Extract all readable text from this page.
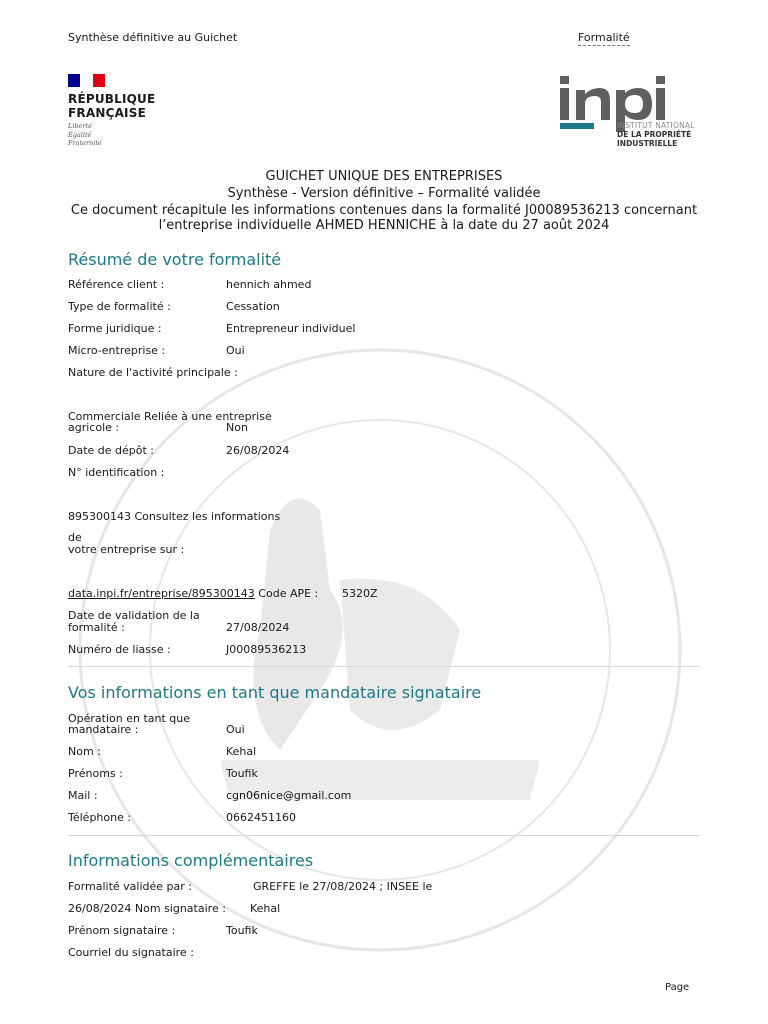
Synthèse définitive au Guichet	Formalité
RÉPUBLIQUE
FRANÇAISE
Liberté
Égalité
Fraternité
INSTITUT NATIONAL
DE LA PROPRIÉTÉ
INDUSTRIELLE
GUICHET UNIQUE DES ENTREPRISES
Synthèse - Version définitive – Formalité validée
Ce document récapitule les informations contenues dans la formalité J00089536213 concernant
l’entreprise individuelle AHMED HENNICHE à la date du 27 août 2024
Résumé de votre formalité
Référence client :	hennich ahmed
Type de formalité :	Cessation
Forme juridique :	Entrepreneur individuel
Micro-entreprise :	Oui
Nature de l'activité principale :
Commerciale Reliée à une entreprise
agricole :	Non
Date de dépôt :	26/08/2024
N° identification :
895300143 Consultez les informations
de
votre entreprise sur :
data.inpi.fr/entreprise/895300143 Code APE : 5320Z
Date de validation de la
formalité :	27/08/2024
Numéro de liasse :	J00089536213
Vos informations en tant que mandataire signataire
Opération en tant que
mandataire :	Oui
Nom :	Kehal
Prénoms :	Toufik
Mail :	cgn06nice@gmail.com
Téléphone :	0662451160
Informations complémentaires
Formalité validée par :	GREFFE le 27/08/2024 ; INSEE le
26/08/2024 Nom signataire : Kehal
Prénom signataire :	Toufik
Courriel du signataire :
Page
